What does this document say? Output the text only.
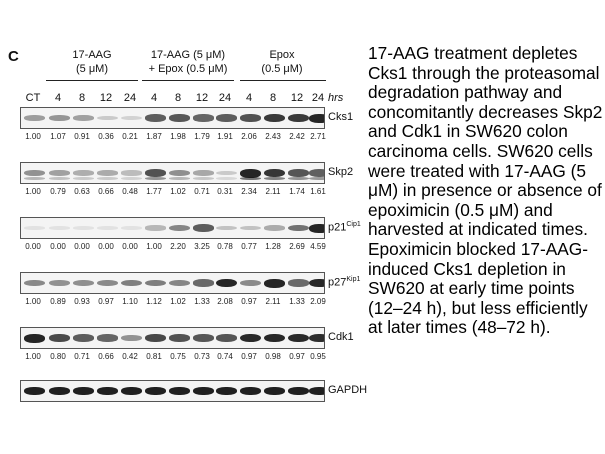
C	17-AAG
(5 μM)
17-AAG (5 μM)
+ Epox (0.5 μM)
Epox
(0.5 μM)
CT	4	8	12	24	4	8	12 24	4	8	12 24 hrs
Cks1
1.00	1.07	0.91	0.36	0.21	1.87	1.98	1.79 1.91	2.06	2.43	2.42 2.71
Skp2
1.00	0.79	0.63	0.66	0.48	1.77	1.02	0.71 0.31	2.34	2.11	1.74 1.61
$p21^{Cip1}$
0.00	0.00	0.00	0.00	0.00	1.00	2.20	3.25 0.78	0.77	1.28	2.69 4.59
$p27^{Kip1}$
1.00	0.89	0.93	0.97	1.10	1.12	1.02	1.33 2.08	0.97	2.11	1.33 2.09
Cdk1
1.00	0.80	0.71	0.66	0.42	0.81	0.75	0.73 0.74	0.97	0.98	0.97 0.95
GAPDH
17-AAG treatment depletes Cks1 through the proteasomal degradation pathway and concomitantly decreases Skp2 and Cdk1 in SW620 colon carcinoma cells. SW620 cells were treated with 17-AAG (5 μM) in presence or absence of epoximicin (0.5 μM) and harvested at indicated times. Epoximicin blocked 17-AAG-induced Cks1 depletion in SW620 at early time points (12–24 h), but less efficiently at later times (48–72 h).
